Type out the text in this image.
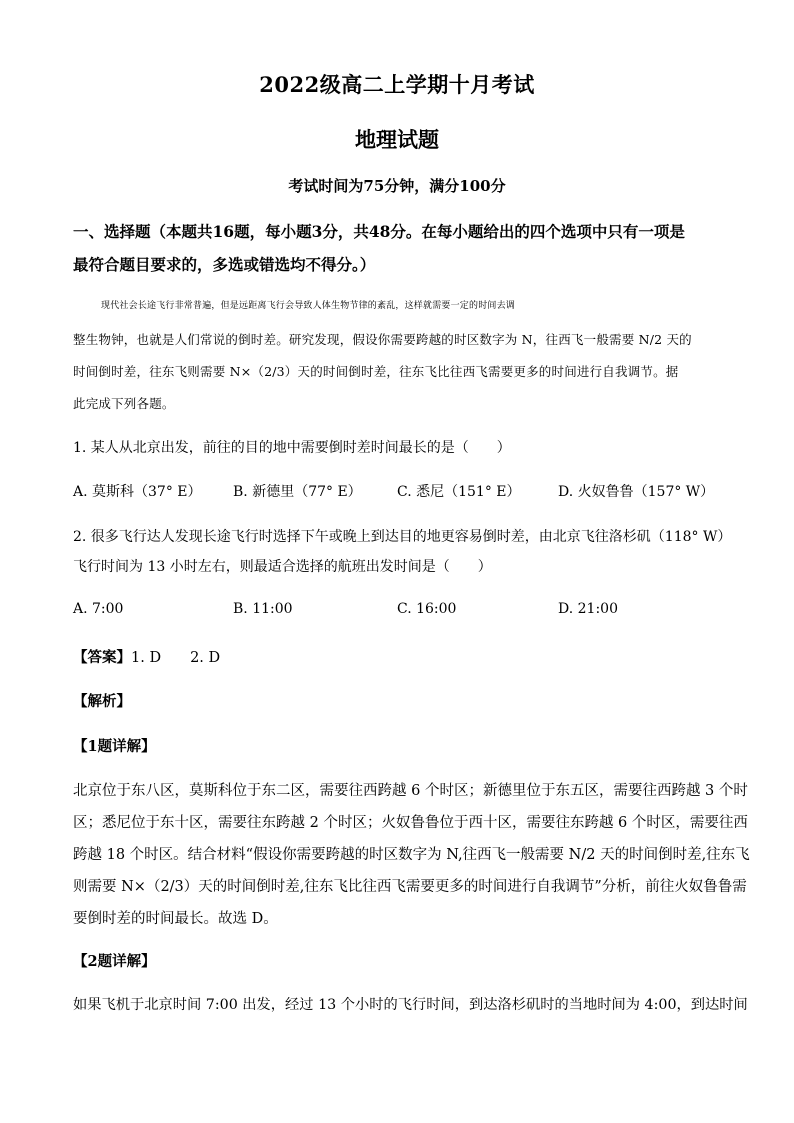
2022级高二上学期十月考试
地理试题
考试时间为75分钟，满分100分
一、选择题（本题共16题，每小题3分，共48分。在每小题给出的四个选项中只有一项是
最符合题目要求的，多选或错选均不得分。）
现代社会长途飞行非常普遍，但是远距离飞行会导致人体生物节律的紊乱，这样就需要一定的时间去调
整生物钟，也就是人们常说的倒时差。研究发现，假设你需要跨越的时区数字为 N，往西飞一般需要 N/2 天的
时间倒时差，往东飞则需要 N×（2/3）天的时间倒时差，往东飞比往西飞需要更多的时间进行自我调节。据
此完成下列各题。
1. 某人从北京出发，前往的目的地中需要倒时差时间最长的是（　　）
A. 莫斯科（37° E） B. 新德里（77° E）	C. 悉尼（151° E）	D. 火奴鲁鲁（157° W）
2. 很多飞行达人发现长途飞行时选择下午或晚上到达目的地更容易倒时差，由北京飞往洛杉矶（118° W）
飞行时间为 13 小时左右，则最适合选择的航班出发时间是（　　）
A. 7:00	B. 11:00	C. 16:00	D. 21:00
【答案】1. D　　2. D
【解析】
【1题详解】
北京位于东八区，莫斯科位于东二区，需要往西跨越 6 个时区；新德里位于东五区，需要往西跨越 3 个时
区；悉尼位于东十区，需要往东跨越 2 个时区；火奴鲁鲁位于西十区，需要往东跨越 6 个时区，需要往西
跨越 18 个时区。结合材料“假设你需要跨越的时区数字为 N,往西飞一般需要 N/2 天的时间倒时差,往东飞
则需要 N×（2/3）天的时间倒时差,往东飞比往西飞需要更多的时间进行自我调节”分析，前往火奴鲁鲁需
要倒时差的时间最长。故选 D。
【2题详解】
如果飞机于北京时间 7:00 出发，经过 13 个小时的飞行时间，到达洛杉矶时的当地时间为 4:00，到达时间
